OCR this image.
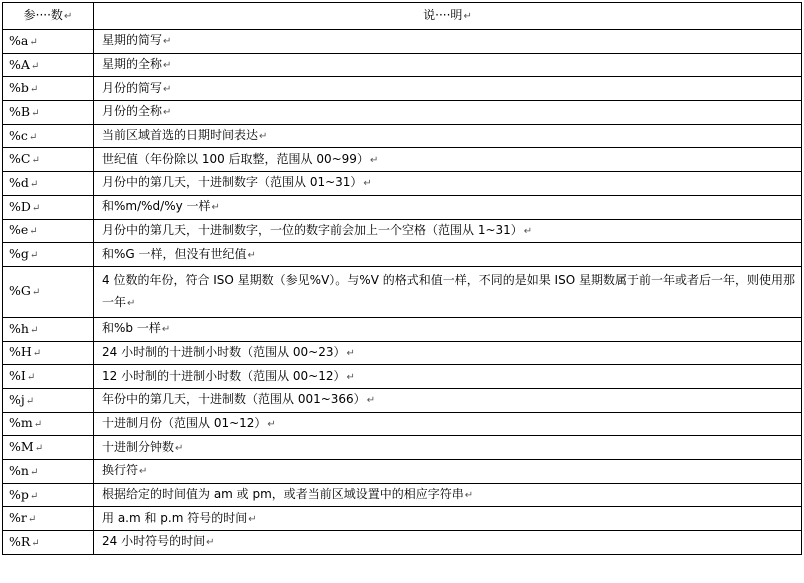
参····数↵	说····明↵
%a↵	星期的简写↵
%A↵	星期的全称↵
%b↵	月份的简写↵
%B↵	月份的全称↵
%c↵	当前区域首选的日期时间表达↵
%C↵	世纪值（年份除以 100 后取整，范围从 00~99）↵
%d↵	月份中的第几天，十进制数字（范围从 01~31）↵
%D↵	和%m/%d/%y 一样↵
%e↵	月份中的第几天，十进制数字，一位的数字前会加上一个空格（范围从 1~31）↵
%g↵	和%G 一样，但没有世纪值↵
%G↵	4 位数的年份，符合 ISO 星期数（参见%V）。与%V 的格式和值一样，不同的是如果 ISO 星期数属于前一年或者后一年，则使用那一年↵
%h↵	和%b 一样↵
%H↵	24 小时制的十进制小时数（范围从 00~23）↵
%I↵	12 小时制的十进制小时数（范围从 00~12）↵
%j↵	年份中的第几天，十进制数（范围从 001~366）↵
%m↵	十进制月份（范围从 01~12）↵
%M↵	十进制分钟数↵
%n↵	换行符↵
%p↵	根据给定的时间值为 am 或 pm，或者当前区域设置中的相应字符串↵
%r↵	用 a.m 和 p.m 符号的时间↵
%R↵	24 小时符号的时间↵
